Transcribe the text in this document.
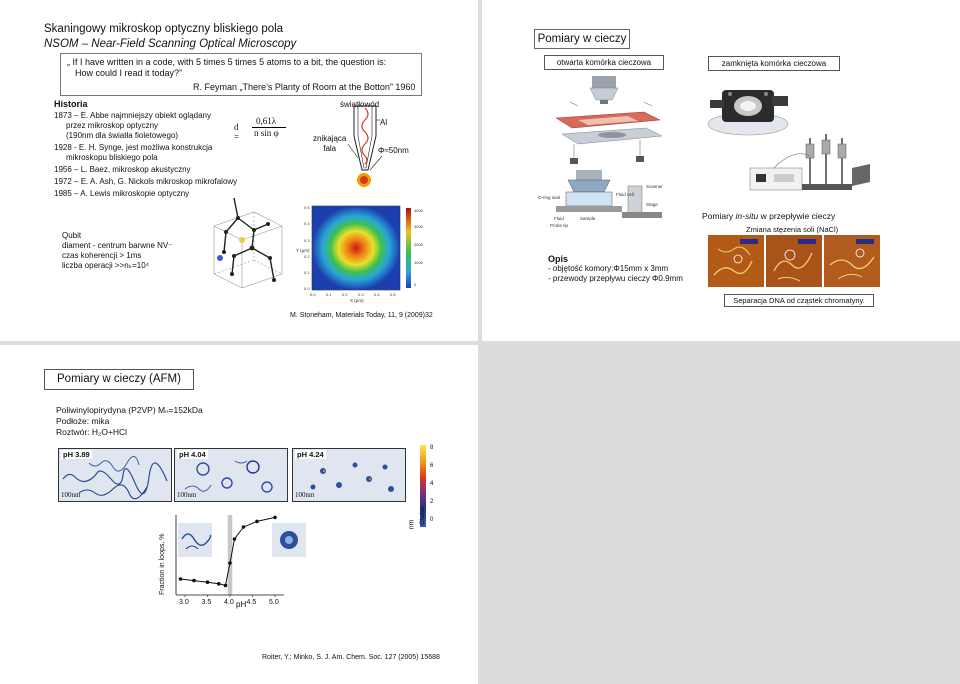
Skaningowy mikroskop optyczny bliskiego pola
NSOM – Near-Field Scanning Optical Microscopy
„ If I have written in a code, with 5 times 5 times 5 atoms to a bit, the question is:
How could I read it today?”
R. Feyman „There’s Planty of Room at the Botton” 1960
Historia
1873 – E. Abbe najmniejszy obiekt oglądany
przez mikroskop optyczny
(190nm dla światła fioletowego)
1928 - E. H. Synge, jest możliwa konstrukcja
mikroskopu bliskiego pola
1956 – L. Baez, mikroskop akustyczny
1972 – E. A. Ash, G. Nickols mikroskop mikrofalowy
1985 – A. Lewis mikroskopie optyczny
d =
0,61λ
n sin φ
światłowód
Al
znikająca
fala	Φ≈50nm
Qubit
diament - centrum barwne NV⁻
czas koherencji > 1ms
liczba operacji >>nₖ=10⁴
0.5
0.4
0.3
0.2
0.1
0.0
0.0	0.1	0.2	0.3	0.4	0.5
4000
3000
2000
1000
0
X (µm)
Y (µm)
M. Stoneham, Materials Today, 11, 9 (2009)32
Pomiary w cieczy
otwarta komórka cieczowa	zamknięta komórka cieczowa
O-ring seal
Fluid cell
Scanner
Stage
Fluid	Sample
Probe tip
Opis
- objętość komory:Φ15mm x 3mm
- przewody przepływu cieczy Φ0.9mm
Pomiary in-situ w przepływie cieczy
Zmiana stężenia soli (NaCl)
Separacja DNA od cząstek chromatyny.
Pomiary w cieczy (AFM)
Poliwinylopirydyna (P2VP) Mₙ=152kDa
Podłoże: mika
Roztwór: H₂O+HCl
pH 3.89
100nm
pH 4.04
100nm
pH 4.24
100nm
8
6
4
2
0
nm Chaine
Fraction in loops, %
3.0 3.5 4.0 4.5 5.0
pH
Roiter, Y.; Minko, S. J. Am. Chem. Soc. 127 (2005) 15688
